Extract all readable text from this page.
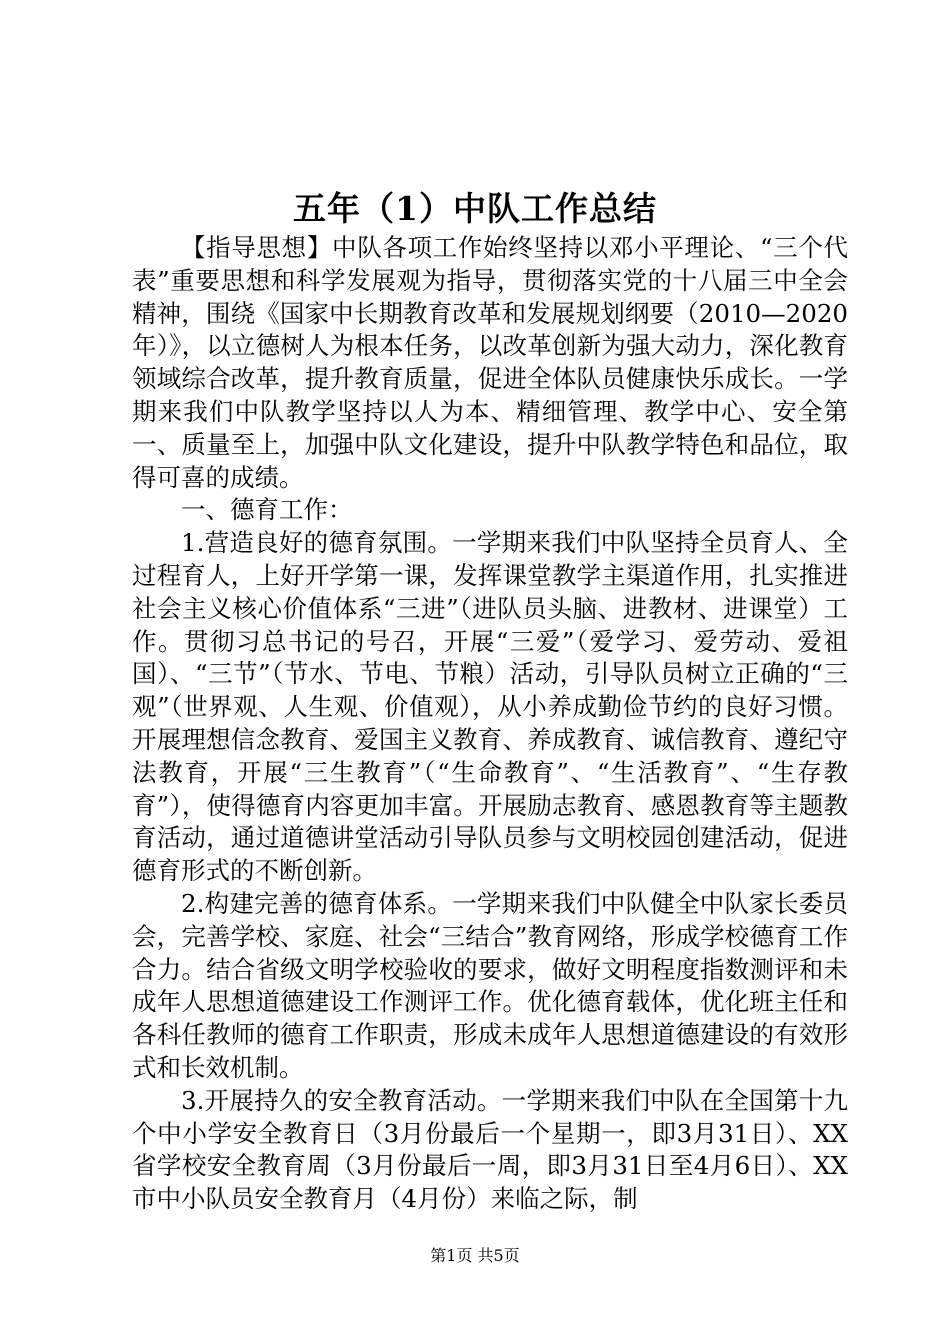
五年（1）中队工作总结

【指导思想】中队各项工作始终坚持以邓小平理论、“三个代表”重要思想和科学发展观为指导，贯彻落实党的十八届三中全会精神，围绕《国家中长期教育改革和发展规划纲要（2010—2020年）》，以立德树人为根本任务，以改革创新为强大动力，深化教育领域综合改革，提升教育质量，促进全体队员健康快乐成长。一学期来我们中队教学坚持以人为本、精细管理、教学中心、安全第一、质量至上，加强中队文化建设，提升中队教学特色和品位，取得可喜的成绩。

一、德育工作：

1.营造良好的德育氛围。一学期来我们中队坚持全员育人、全过程育人，上好开学第一课，发挥课堂教学主渠道作用，扎实推进社会主义核心价值体系“三进”（进队员头脑、进教材、进课堂）工作。贯彻习总书记的号召，开展“三爱”（爱学习、爱劳动、爱祖国）、“三节”（节水、节电、节粮）活动，引导队员树立正确的“三观”（世界观、人生观、价值观），从小养成勤俭节约的良好习惯。开展理想信念教育、爱国主义教育、养成教育、诚信教育、遵纪守法教育，开展“三生教育”（“生命教育”、“生活教育”、“生存教育”），使得德育内容更加丰富。开展励志教育、感恩教育等主题教育活动，通过道德讲堂活动引导队员参与文明校园创建活动，促进德育形式的不断创新。

2.构建完善的德育体系。一学期来我们中队健全中队家长委员会，完善学校、家庭、社会“三结合”教育网络，形成学校德育工作合力。结合省级文明学校验收的要求，做好文明程度指数测评和未成年人思想道德建设工作测评工作。优化德育载体，优化班主任和各科任教师的德育工作职责，形成未成年人思想道德建设的有效形式和长效机制。

3.开展持久的安全教育活动。一学期来我们中队在全国第十九个中小学安全教育日（3月份最后一个星期一，即3月31日）、XX省学校安全教育周（3月份最后一周，即3月31日至4月6日）、XX市中小队员安全教育月（4月份）来临之际，制

第1页 共5页
